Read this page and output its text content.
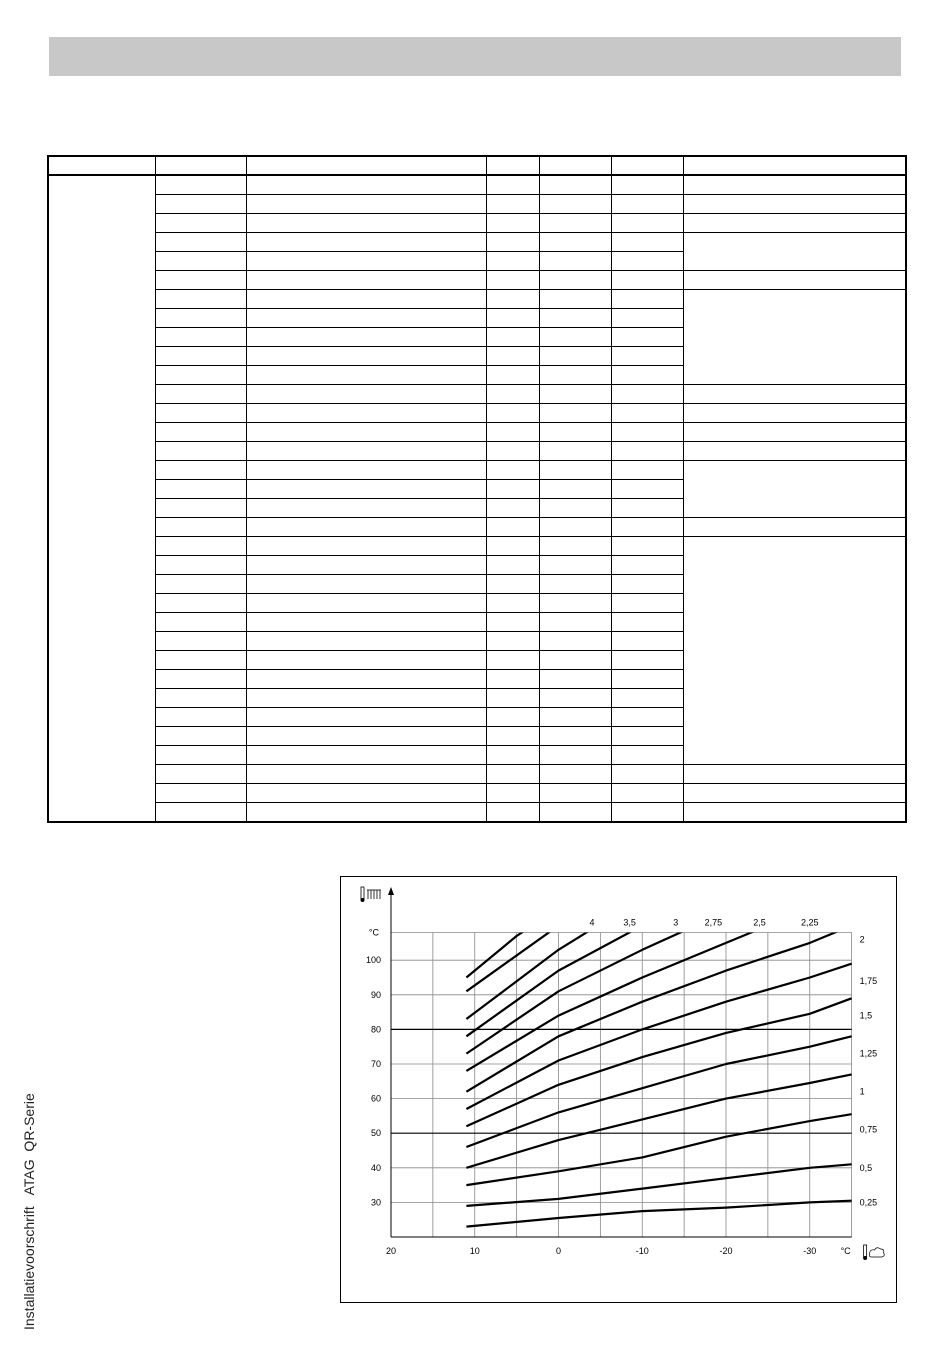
Installatievoorschrift   ATAG  QR-Serie	20	10	0	-10	-20	-30
30
40
50
60
70
80
90
100
°C
°C
4	3,5	3	2,75	2,5	2,25
2
1,75
1,5
1,25
1
0,75
0,5
0,25
